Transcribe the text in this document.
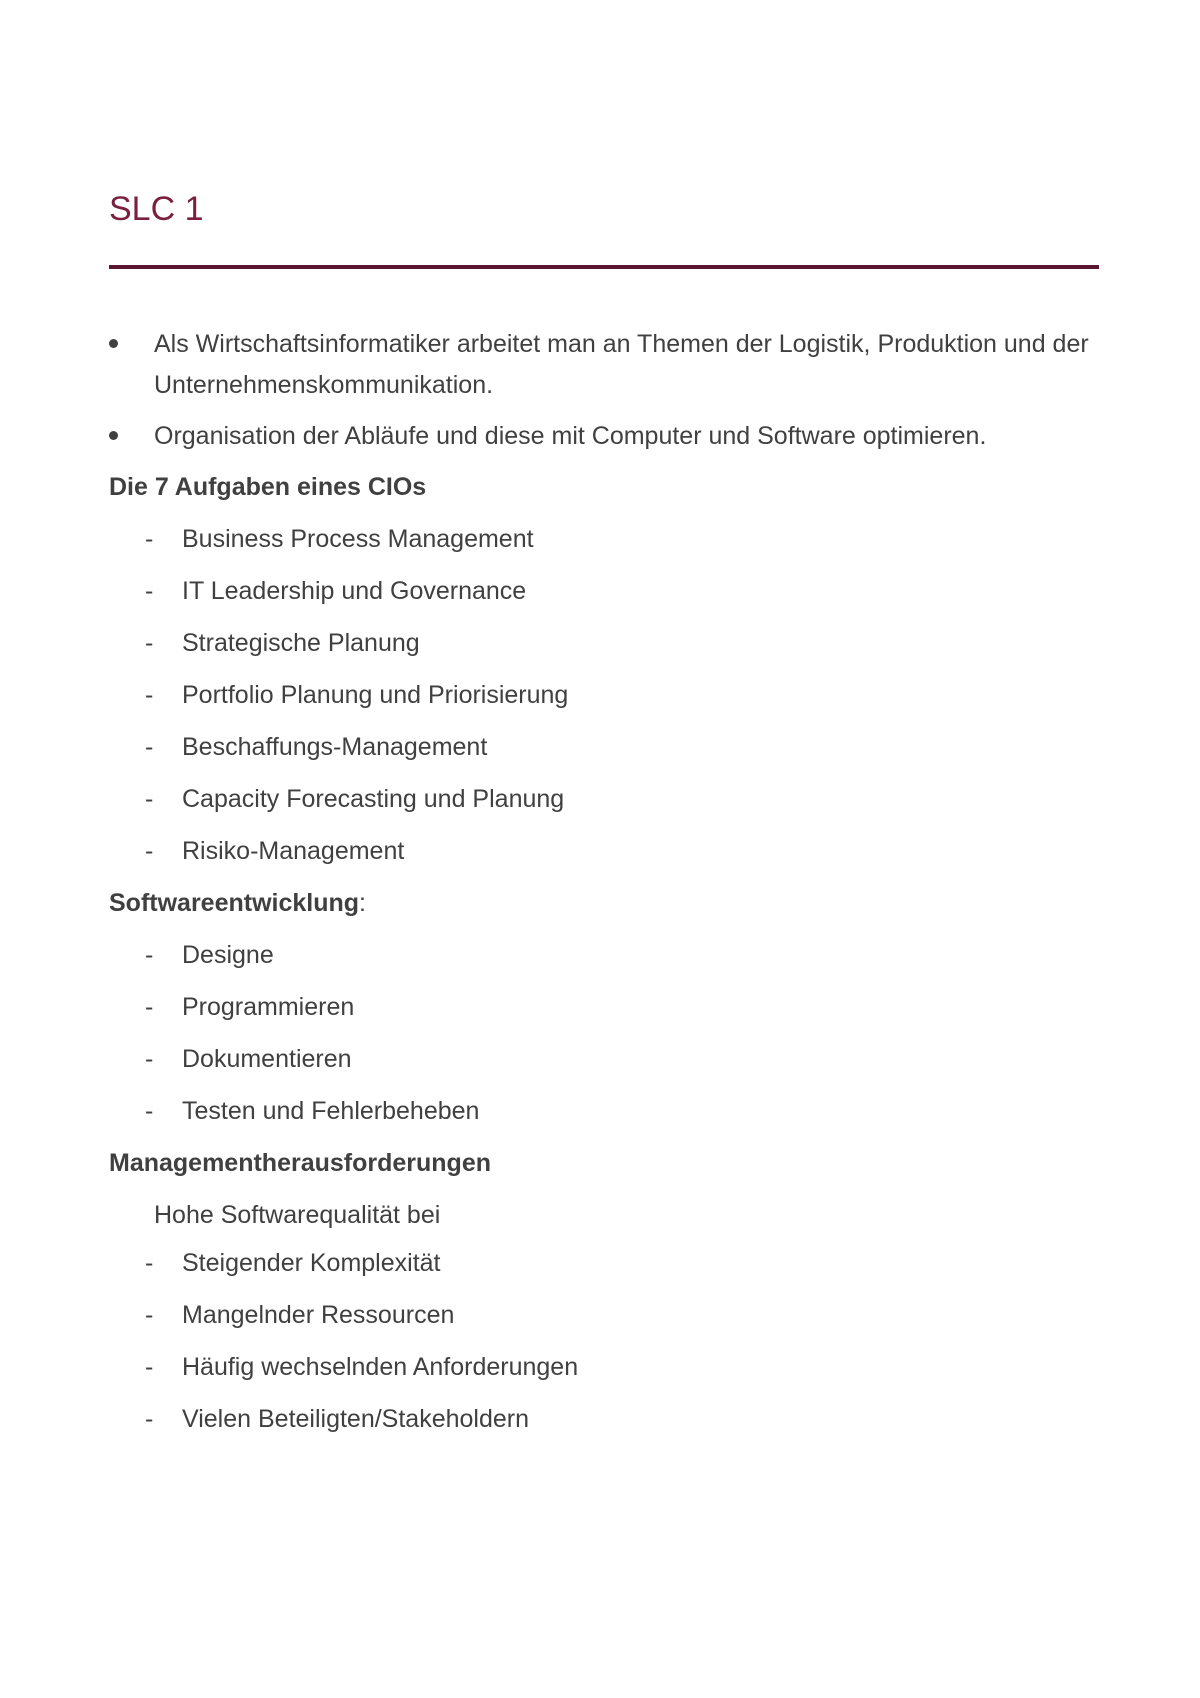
SLC 1
Als Wirtschaftsinformatiker arbeitet man an Themen der Logistik, Produktion und der Unternehmenskommunikation.
Organisation der Abläufe und diese mit Computer und Software optimieren.
Die 7 Aufgaben eines CIOs
- Business Process Management
- IT Leadership und Governance
- Strategische Planung
- Portfolio Planung und Priorisierung
- Beschaffungs-Management
- Capacity Forecasting und Planung
- Risiko-Management
Softwareentwicklung:
- Designe
- Programmieren
- Dokumentieren
- Testen und Fehlerbeheben
Managementherausforderungen
Hohe Softwarequalität bei
- Steigender Komplexität
- Mangelnder Ressourcen
- Häufig wechselnden Anforderungen
- Vielen Beteiligten/Stakeholdern
